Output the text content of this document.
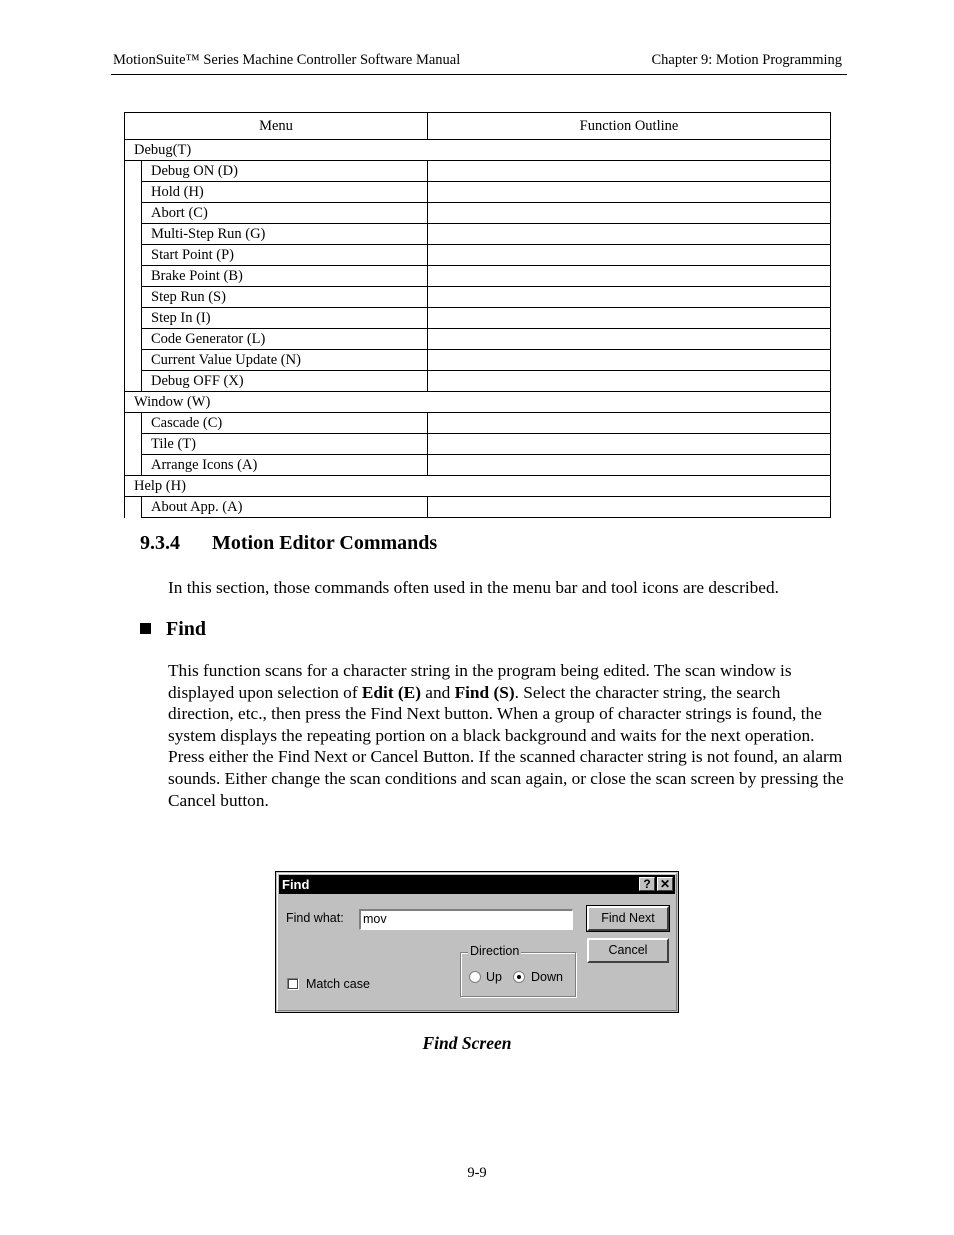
MotionSuite™ Series Machine Controller Software Manual	Chapter 9: Motion Programming
Menu		Function Outline
Debug(T)		
	Debug ON (D)	
	Hold (H)	
	Abort (C)	
	Multi-Step Run (G)	
	Start Point (P)	
	Brake Point (B)	
	Step Run (S)	
	Step In (I)	
	Code Generator (L)	
	Current Value Update (N)	
	Debug OFF (X)	
Window (W)		
	Cascade (C)	
	Tile (T)	
	Arrange Icons (A)	
Help (H)		
	About App. (A)	
9.3.4 Motion Editor Commands
In this section, those commands often used in the menu bar and tool icons are described.
Find
This function scans for a character string in the program being edited. The scan window is displayed upon selection of Edit (E) and Find (S). Select the character string, the search direction, etc., then press the Find Next button. When a group of character strings is found, the system displays the repeating portion on a black background and waits for the next operation. Press either the Find Next or Cancel Button. If the scanned character string is not found, an alarm sounds. Either change the scan conditions and scan again, or close the scan screen by pressing the Cancel button.
Find	? ✕
Find what:	mov	Find Next
Cancel
Direction
Up Down
Match case
Find Screen
9-9
